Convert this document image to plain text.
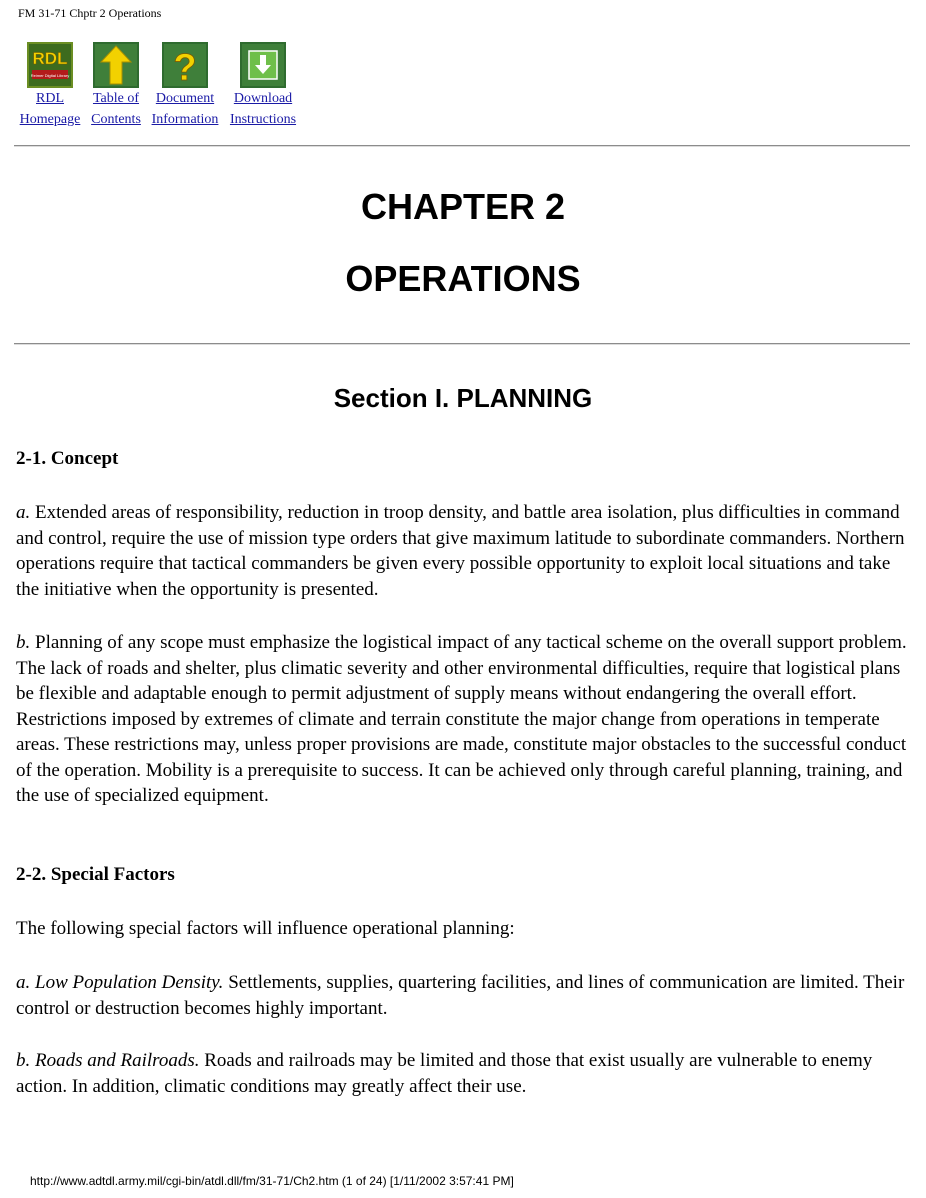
FM 31-71 Chptr 2 Operations
RDL
Reimer Digital Library
RDL
Homepage
Table of
Contents
?
Document
Information
Download
Instructions
CHAPTER 2
OPERATIONS
Section I. PLANNING

2-1. Concept

a. Extended areas of responsibility, reduction in troop density, and battle area isolation, plus difficulties in command and control, require the use of mission type orders that give maximum latitude to subordinate commanders. Northern operations require that tactical commanders be given every possible opportunity to exploit local situations and take the initiative when the opportunity is presented.

b. Planning of any scope must emphasize the logistical impact of any tactical scheme on the overall support problem. The lack of roads and shelter, plus climatic severity and other environmental difficulties, require that logistical plans be flexible and adaptable enough to permit adjustment of supply means without endangering the overall effort. Restrictions imposed by extremes of climate and terrain constitute the major change from operations in temperate areas. These restrictions may, unless proper provisions are made, constitute major obstacles to the successful conduct of the operation. Mobility is a prerequisite to success. It can be achieved only through careful planning, training, and the use of specialized equipment.

2-2. Special Factors

The following special factors will influence operational planning:

a. Low Population Density. Settlements, supplies, quartering facilities, and lines of communication are limited. Their control or destruction becomes highly important.

b. Roads and Railroads. Roads and railroads may be limited and those that exist usually are vulnerable to enemy action. In addition, climatic conditions may greatly affect their use.

http://www.adtdl.army.mil/cgi-bin/atdl.dll/fm/31-71/Ch2.htm (1 of 24) [1/11/2002 3:57:41 PM]
